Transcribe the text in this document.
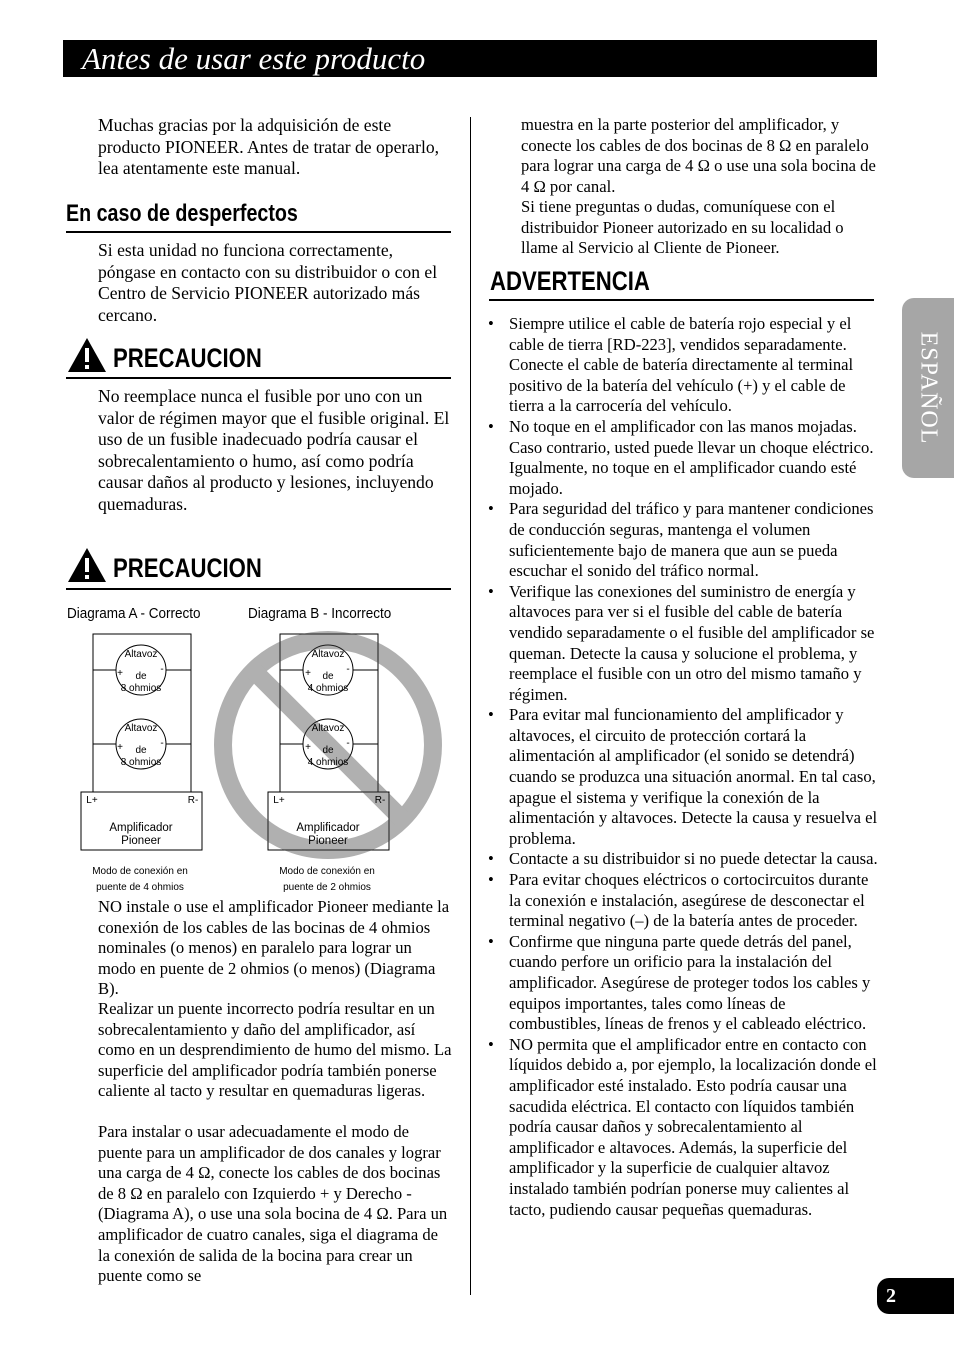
Antes de usar este producto

Muchas gracias por la adquisición de este producto PIONEER. Antes de tratar de operarlo, lea atentamente este manual.

En caso de desperfectos

Si esta unidad no funciona correctamente, póngase en contacto con su distribuidor o con el Centro de Servicio PIONEER autorizado más cercano.

PRECAUCION

No reemplace nunca el fusible por uno con un valor de régimen mayor que el fusible original. El uso de un fusible inadecuado podría causar el sobrecalentamiento o humo, así como podría causar daños al producto y lesiones, incluyendo quemaduras.

PRECAUCION
Diagrama A - Correcto	Diagrama B - Incorrecto
Altavoz
de
8 ohmios
+	-
Altavoz
de
8 ohmios
+	-
L+	R-
Amplificador
Pioneer
Modo de conexión en
puente de 4 ohmios
Altavoz
de
4 ohmios
+	-
Altavoz
de
4 ohmios
+	-
L+	R-
Amplificador
Pioneer
Modo de conexión en
puente de 2 ohmios

NO instale o use el amplificador Pioneer mediante la conexión de los cables de las bocinas de 4 ohmios nominales (o menos) en paralelo para lograr un modo en puente de 2 ohmios (o menos) (Diagrama B).

Realizar un puente incorrecto podría resultar en un sobrecalentamiento y daño del amplificador, así como en un desprendimiento de humo del mismo. La superficie del amplificador podría también ponerse caliente al tacto y resultar en quemaduras ligeras.

Para instalar o usar adecuadamente el modo de puente para un amplificador de dos canales y lograr una carga de 4 Ω, conecte los cables de dos bocinas de 8 Ω en paralelo con Izquierdo + y Derecho - (Diagrama A), o use una sola bocina de 4 Ω. Para un amplificador de cuatro canales, siga el diagrama de la conexión de salida de la bocina para crear un puente como se

muestra en la parte posterior del amplificador, y conecte los cables de dos bocinas de 8 Ω en paralelo para lograr una carga de 4 Ω o use una sola bocina de 4 Ω por canal.

Si tiene preguntas o dudas, comuníquese con el distribuidor Pioneer autorizado en su localidad o llame al Servicio al Cliente de Pioneer.

ADVERTENCIA
• Siempre utilice el cable de batería rojo especial y el cable de tierra [RD-223], vendidos separadamente. Conecte el cable de batería directamente al terminal positivo de la batería del vehículo (+) y el cable de tierra a la carrocería del vehículo.
• No toque en el amplificador con las manos mojadas. Caso contrario, usted puede llevar un choque eléctrico. Igualmente, no toque en el amplificador cuando esté mojado.
• Para seguridad del tráfico y para mantener condiciones de conducción seguras, mantenga el volumen suficientemente bajo de manera que aun se pueda escuchar el sonido del tráfico normal.
• Verifique las conexiones del suministro de energía y altavoces para ver si el fusible del cable de batería vendido separadamente o el fusible del amplificador se queman. Detecte la causa y solucione el problema, y reemplace el fusible con un otro del mismo tamaño y régimen.
• Para evitar mal funcionamiento del amplificador y altavoces, el circuito de protección cortará la alimentación al amplificador (el sonido se detendrá) cuando se produzca una situación anormal. En tal caso, apague el sistema y verifique la conexión de la alimentación y altavoces. Detecte la causa y resuelva el problema.
• Contacte a su distribuidor si no puede detectar la causa.
• Para evitar choques eléctricos o cortocircuitos durante la conexión e instalación, asegúrese de desconectar el terminal negativo (–) de la batería antes de proceder.
• Confirme que ninguna parte quede detrás del panel, cuando perfore un orificio para la instalación del amplificador. Asegúrese de proteger todos los cables y equipos importantes, tales como líneas de combustibles, líneas de frenos y el cableado eléctrico.
• NO permita que el amplificador entre en contacto con líquidos debido a, por ejemplo, la localización donde el amplificador esté instalado. Esto podría causar una sacudida eléctrica. El contacto con líquidos también podría causar daños y sobrecalentamiento al amplificador e altavoces. Además, la superficie del amplificador y la superficie de cualquier altavoz instalado también podrían ponerse muy calientes al tacto, pudiendo causar pequeñas quemaduras.
ESPAÑOL
2
